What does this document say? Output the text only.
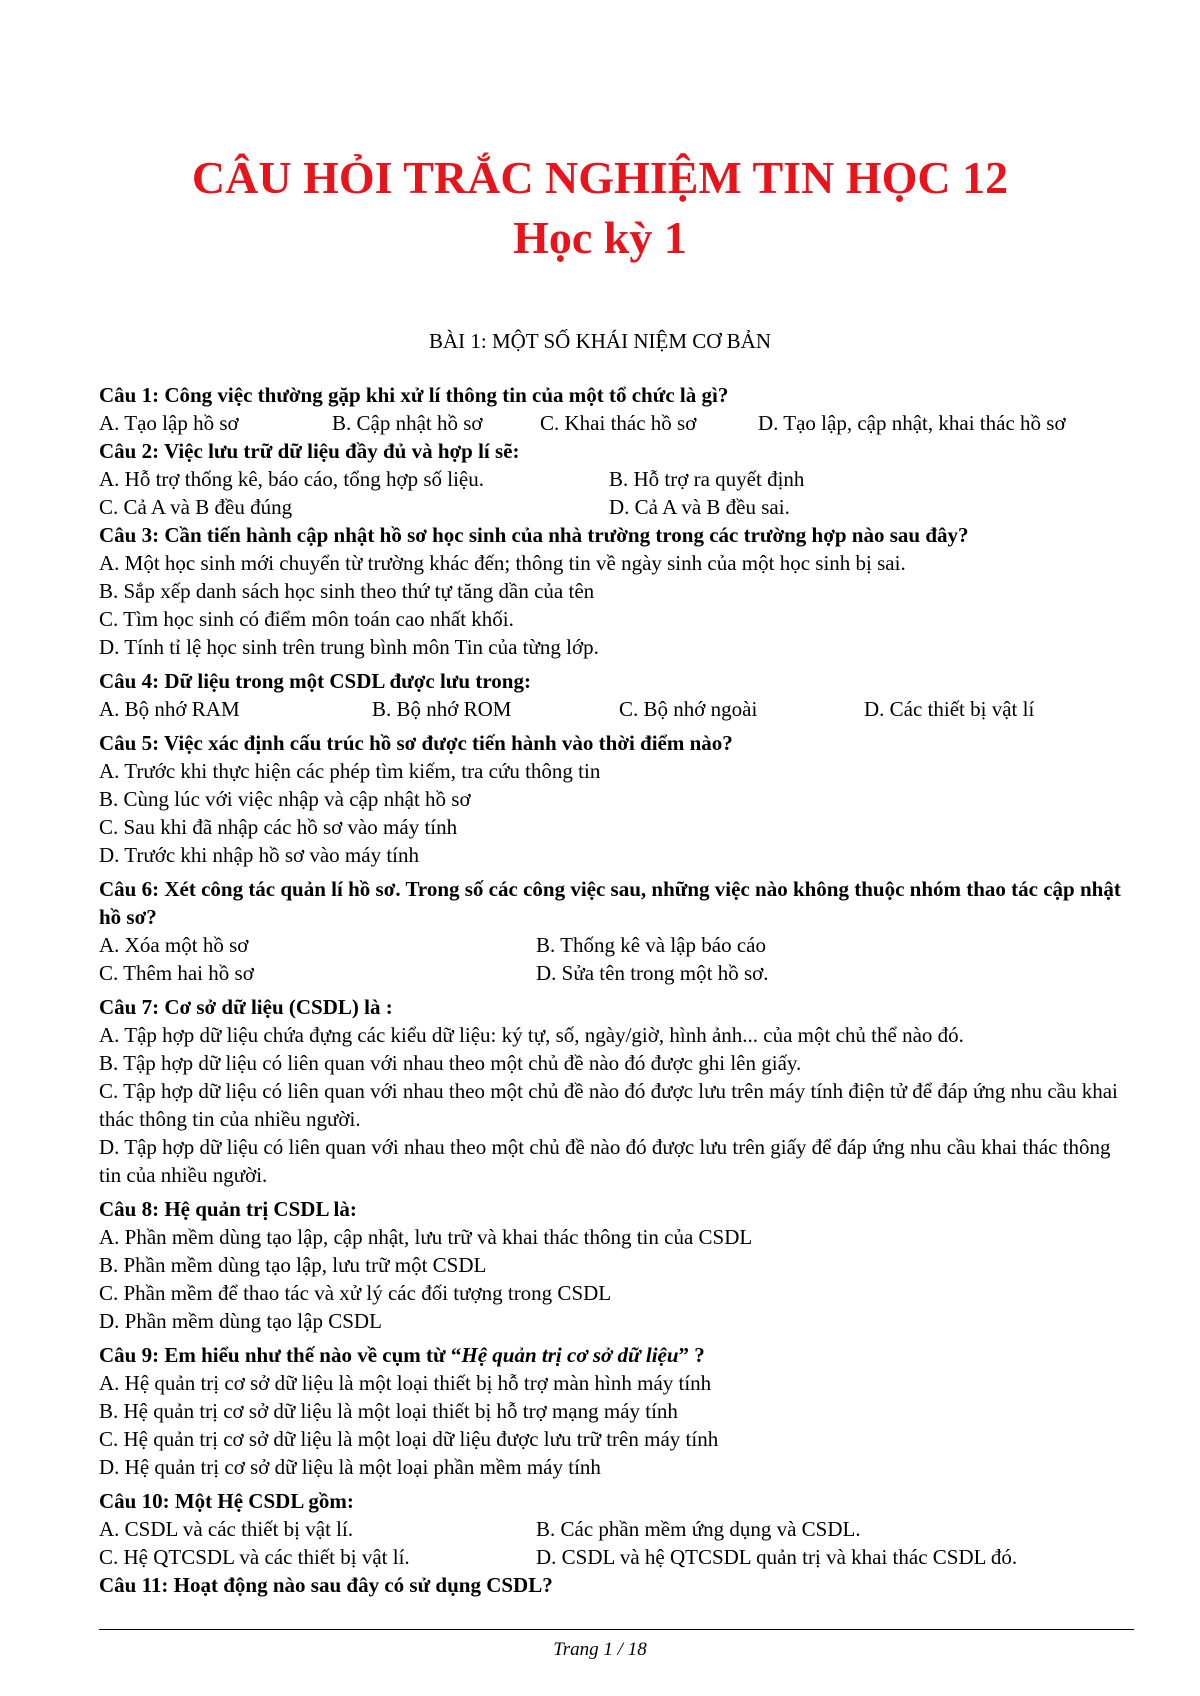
CÂU HỎI TRẮC NGHIỆM TIN HỌC 12
Học kỳ 1
BÀI 1: MỘT SỐ KHÁI NIỆM CƠ BẢN

Câu 1: Công việc thường gặp khi xử lí thông tin của một tổ chức là gì?

A. Tạo lập hồ sơ	B. Cập nhật hồ sơ	C. Khai thác hồ sơ	D. Tạo lập, cập nhật, khai thác hồ sơ

Câu 2: Việc lưu trữ dữ liệu đầy đủ và hợp lí sẽ:

A. Hỗ trợ thống kê, báo cáo, tổng hợp số liệu.	B. Hỗ trợ ra quyết định
C. Cả A và B đều đúng	D. Cả A và B đều sai.

Câu 3: Cần tiến hành cập nhật hồ sơ học sinh của nhà trường trong các trường hợp nào sau đây?

A. Một học sinh mới chuyển từ trường khác đến; thông tin về ngày sinh của một học sinh bị sai.

B. Sắp xếp danh sách học sinh theo thứ tự tăng dần của tên

C. Tìm học sinh có điểm môn toán cao nhất khối.

D. Tính tỉ lệ học sinh trên trung bình môn Tin của từng lớp.

Câu 4: Dữ liệu trong một CSDL được lưu trong:

A. Bộ nhớ RAM	B. Bộ nhớ ROM	C. Bộ nhớ ngoài	D. Các thiết bị vật lí

Câu 5: Việc xác định cấu trúc hồ sơ được tiến hành vào thời điểm nào?

A. Trước khi thực hiện các phép tìm kiếm, tra cứu thông tin

B. Cùng lúc với việc nhập và cập nhật hồ sơ

C. Sau khi đã nhập các hồ sơ vào máy tính

D. Trước khi nhập hồ sơ vào máy tính

Câu 6: Xét công tác quản lí hồ sơ. Trong số các công việc sau, những việc nào không thuộc nhóm thao tác cập nhật hồ sơ?

A. Xóa một hồ sơ	B. Thống kê và lập báo cáo
C. Thêm hai hồ sơ	D. Sửa tên trong một hồ sơ.

Câu 7: Cơ sở dữ liệu (CSDL) là :

A. Tập hợp dữ liệu chứa đựng các kiểu dữ liệu: ký tự, số, ngày/giờ, hình ảnh... của một chủ thể nào đó.

B. Tập hợp dữ liệu có liên quan với nhau theo một chủ đề nào đó được ghi lên giấy.

C. Tập hợp dữ liệu có liên quan với nhau theo một chủ đề nào đó được lưu trên máy tính điện tử để đáp ứng nhu cầu khai thác thông tin của nhiều người.

D. Tập hợp dữ liệu có liên quan với nhau theo một chủ đề nào đó được lưu trên giấy để đáp ứng nhu cầu khai thác thông tin của nhiều người.

Câu 8: Hệ quản trị CSDL là:

A. Phần mềm dùng tạo lập, cập nhật, lưu trữ và khai thác thông tin của CSDL

B. Phần mềm dùng tạo lập, lưu trữ một CSDL

C. Phần mềm để thao tác và xử lý các đối tượng trong CSDL

D. Phần mềm dùng tạo lập CSDL

Câu 9: Em hiểu như thế nào về cụm từ “Hệ quản trị cơ sở dữ liệu” ?

A. Hệ quản trị cơ sở dữ liệu là một loại thiết bị hỗ trợ màn hình máy tính

B. Hệ quản trị cơ sở dữ liệu là một loại thiết bị hỗ trợ mạng máy tính

C. Hệ quản trị cơ sở dữ liệu là một loại dữ liệu được lưu trữ trên máy tính

D. Hệ quản trị cơ sở dữ liệu là một loại phần mềm máy tính

Câu 10: Một Hệ CSDL gồm:

A. CSDL và các thiết bị vật lí.	B. Các phần mềm ứng dụng và CSDL.
C. Hệ QTCSDL và các thiết bị vật lí.	D. CSDL và hệ QTCSDL quản trị và khai thác CSDL đó.

Câu 11: Hoạt động nào sau đây có sử dụng CSDL?

Trang 1 / 18
